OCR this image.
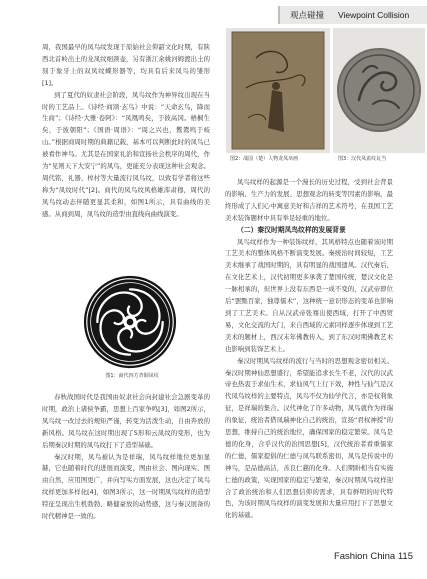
观点碰撞	Viewpoint Collision

周，我国最早的凤鸟纹发现于原始社会仰韶文化时期，有陕西北首岭出土的龙凤纹细颈壶，另有浙江余姚河姆渡出土的刻于象牙上的双凤纹蝶形器等，均具有后来凤鸟的雏形[1]。

到了夏代的奴隶社会阶段，凤鸟纹作为神异纹出现在当时的工艺品上。《诗经·商颂·玄鸟》中说：“天命玄鸟，降而生商”；《诗经·大雅·卷阿》：“凤凰鸣矣，于彼高冈。梧桐生矣，于彼朝阳”；《国语·周语》：“周之兴也，鸑鷟鸣于岐山。”根据商周时期的典籍记载，基本可以判断此时的凤鸟已被看作神鸟。尤其是在国家礼治和宣扬社会秩序的周代，作为“见则天下大安宁”的凤鸟，更能充分表现这种社会观念。周代铭，礼器、椁村等大量流行凤鸟纹，以致有学者将这些称为“凤纹时代”[2]。商代的凤鸟纹风格雄浑肃穆，周代的凤鸟纹动态伴随更显其柔和，如图1所示，具有曲线的美感。从商到周，凤鸟纹的造型由直线向曲线演变。

图1：商代四方青铜凤纹

春秋战国时代是我国由奴隶社会向封建社会急剧变革的时期，政治上诸侯争霸，思想上百家争鸣[3]，如图2所示，凤鸟纹一改过去的规矩严谨，转变为活泼生动，自由奔放的新风格。凤鸟纹在这时期出现了S形和云凤纹的变形，也为后期秦汉时期的凤鸟纹打下了造型基础。

秦汉时期，凤鸟被认为是祥瑞，凤鸟纹样地位更加显赫，它也随着时代的进展而演变，图由社会、图向现实、图由自然，应用图更广，并向写实方面发展，这也决定了凤鸟纹样更加多样化[4]，如图3所示，这一时期凤鸟纹样的造型特征呈现出生机勃勃、略健豪放的动势感，这与秦汉展备的时代精神是一致的。

图2：战国（楚）人物龙凤帛画	图3：汉代凤雀纹瓦当

凤鸟纹样的起源是一个漫长的历史过程，受到社会背景的影响、生产力的发展、思想观念的转变等因素的影响，最终形成了人们心中寓意美好和吉祥的艺术符号，在我国工艺美术装饰题材中具有举足轻重的地位。

（二）秦汉时期凤鸟纹样的发展背景

凤鸟纹样作为一种装饰纹样，其风格特点也随着该时期工艺美术的整体风格不断演变发展。秦统治时间较短，工艺美术继承了战国时期的，具有明显的战国遗风。汉代秦后，在文化艺术上，汉代初期更多承袭了楚国传统，楚汉文化是一脉相承的，但世界上没有东西是一成不变的，汉武帝即位后“罢黜百家，独尊儒术”，这种统一意识形态的变革也影响到了工艺美术。自从汉武帝张骞出使西域，打开了中西贸易，文化交流的大门，来自西域的元素同样逐步体现到工艺美术的题材上，西汉末年佛教传入，到了东汉时期佛教艺术也影响到装饰艺术上。

秦汉时期凤鸟纹样的流行与当时的思想观念密切相关。秦汉时期神仙思想盛行，希望能追求长生不老，汉代的汉武帝也热衷于求仙生术，求仙风气上行下效，种性与仙气是汉代凤鸟纹样的主要特点，凤鸟不仅为仙学代言，亦是权利象征，是祥瑞的集合。汉代神化了许多动物，凤鸟就作为祥瑞的象征，统治者借凤瑞神化自己的统治，宣扬“君权神授”的思想，维持自己的统治地位，确保国家的稳定繁荣。凤鸟是德的化身，合乎汉代的治国思想[5]，汉代统治者看重儒家的仁德，儒家提倡的仁德与凤鸟联系密切，凤鸟是传说中的神鸟，是品德高洁，善良仁慈的化身。人们期盼相当有实施仁德的政策，实现国家的稳定与繁荣，秦汉时期凤鸟纹样迎合了政治统治和人们思想信仰的需求，具有鲜明的时代特色，为该时期凤鸟纹样的演变发展和大量应用打下了思想文化的基础。

Fashion China 115
